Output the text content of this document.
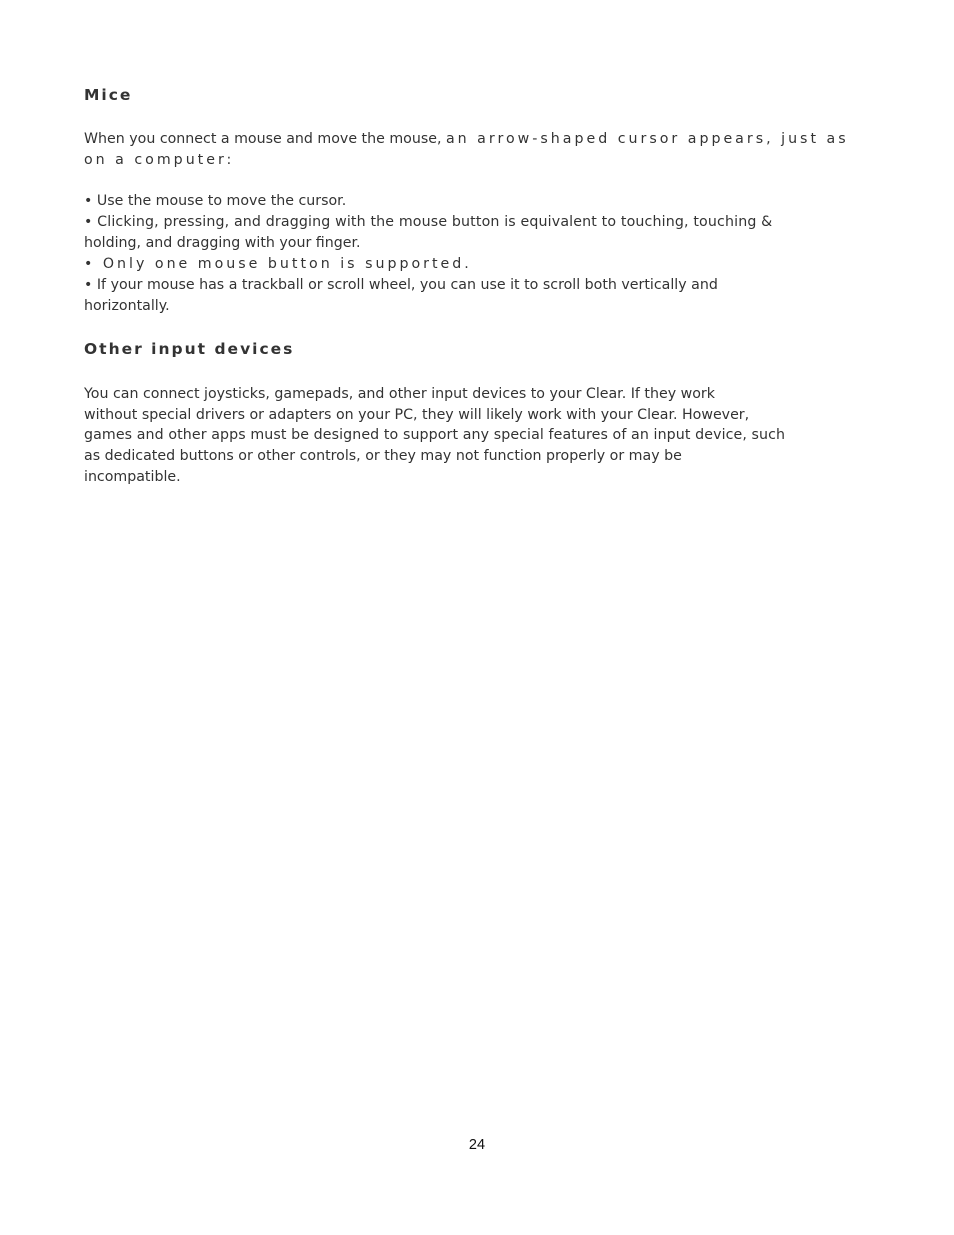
Mice
When you connect a mouse and move the mouse, an arrow-shaped cursor appears, just as
on a computer:
• Use the mouse to move the cursor.
• Clicking, pressing, and dragging with the mouse button is equivalent to touching, touching &
holding, and dragging with your finger.
• Only one mouse button is supported.
• If your mouse has a trackball or scroll wheel, you can use it to scroll both vertically and
horizontally.
Other input devices
You can connect joysticks, gamepads, and other input devices to your Clear. If they work
without special drivers or adapters on your PC, they will likely work with your Clear. However,
games and other apps must be designed to support any special features of an input device, such
as dedicated buttons or other controls, or they may not function properly or may be
incompatible.
24
